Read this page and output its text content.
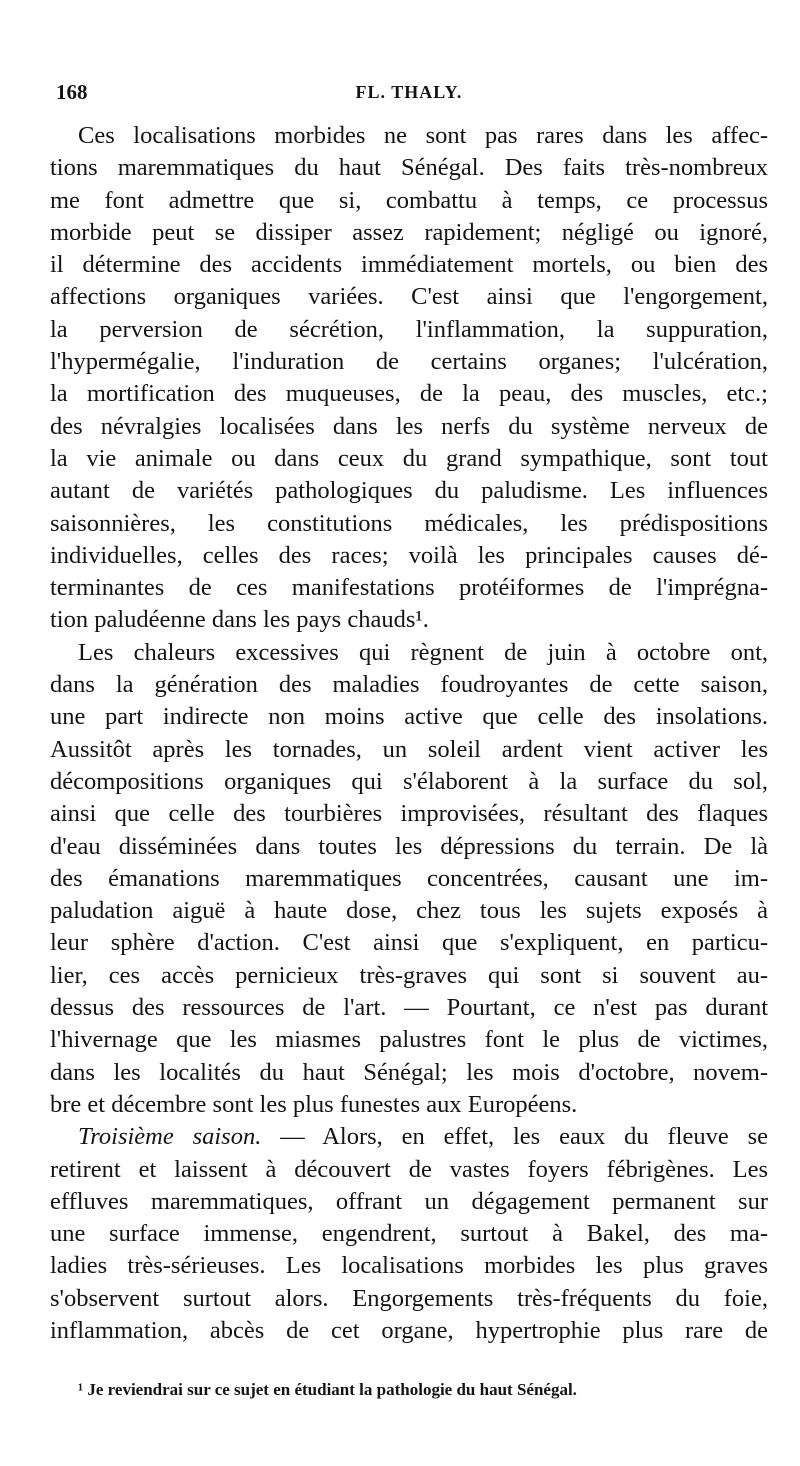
168	FL. THALY.
Ces localisations morbides ne sont pas rares dans les affec-
tions maremmatiques du haut Sénégal. Des faits très-nombreux
me font admettre que si, combattu à temps, ce processus
morbide peut se dissiper assez rapidement; négligé ou ignoré,
il détermine des accidents immédiatement mortels, ou bien des
affections organiques variées. C'est ainsi que l'engorgement,
la perversion de sécrétion, l'inflammation, la suppuration,
l'hypermégalie, l'induration de certains organes; l'ulcération,
la mortification des muqueuses, de la peau, des muscles, etc.;
des névralgies localisées dans les nerfs du système nerveux de
la vie animale ou dans ceux du grand sympathique, sont tout
autant de variétés pathologiques du paludisme. Les influences
saisonnières, les constitutions médicales, les prédispositions
individuelles, celles des races; voilà les principales causes dé-
terminantes de ces manifestations protéiformes de l'imprégna-
tion paludéenne dans les pays chauds¹.
Les chaleurs excessives qui règnent de juin à octobre ont,
dans la génération des maladies foudroyantes de cette saison,
une part indirecte non moins active que celle des insolations.
Aussitôt après les tornades, un soleil ardent vient activer les
décompositions organiques qui s'élaborent à la surface du sol,
ainsi que celle des tourbières improvisées, résultant des flaques
d'eau disséminées dans toutes les dépressions du terrain. De là
des émanations maremmatiques concentrées, causant une im-
paludation aiguë à haute dose, chez tous les sujets exposés à
leur sphère d'action. C'est ainsi que s'expliquent, en particu-
lier, ces accès pernicieux très-graves qui sont si souvent au-
dessus des ressources de l'art. — Pourtant, ce n'est pas durant
l'hivernage que les miasmes palustres font le plus de victimes,
dans les localités du haut Sénégal; les mois d'octobre, novem-
bre et décembre sont les plus funestes aux Européens.
Troisième saison. — Alors, en effet, les eaux du fleuve se
retirent et laissent à découvert de vastes foyers fébrigènes. Les
effluves maremmatiques, offrant un dégagement permanent sur
une surface immense, engendrent, surtout à Bakel, des ma-
ladies très-sérieuses. Les localisations morbides les plus graves
s'observent surtout alors. Engorgements très-fréquents du foie,
inflammation, abcès de cet organe, hypertrophie plus rare de
¹ Je reviendrai sur ce sujet en étudiant la pathologie du haut Sénégal.
